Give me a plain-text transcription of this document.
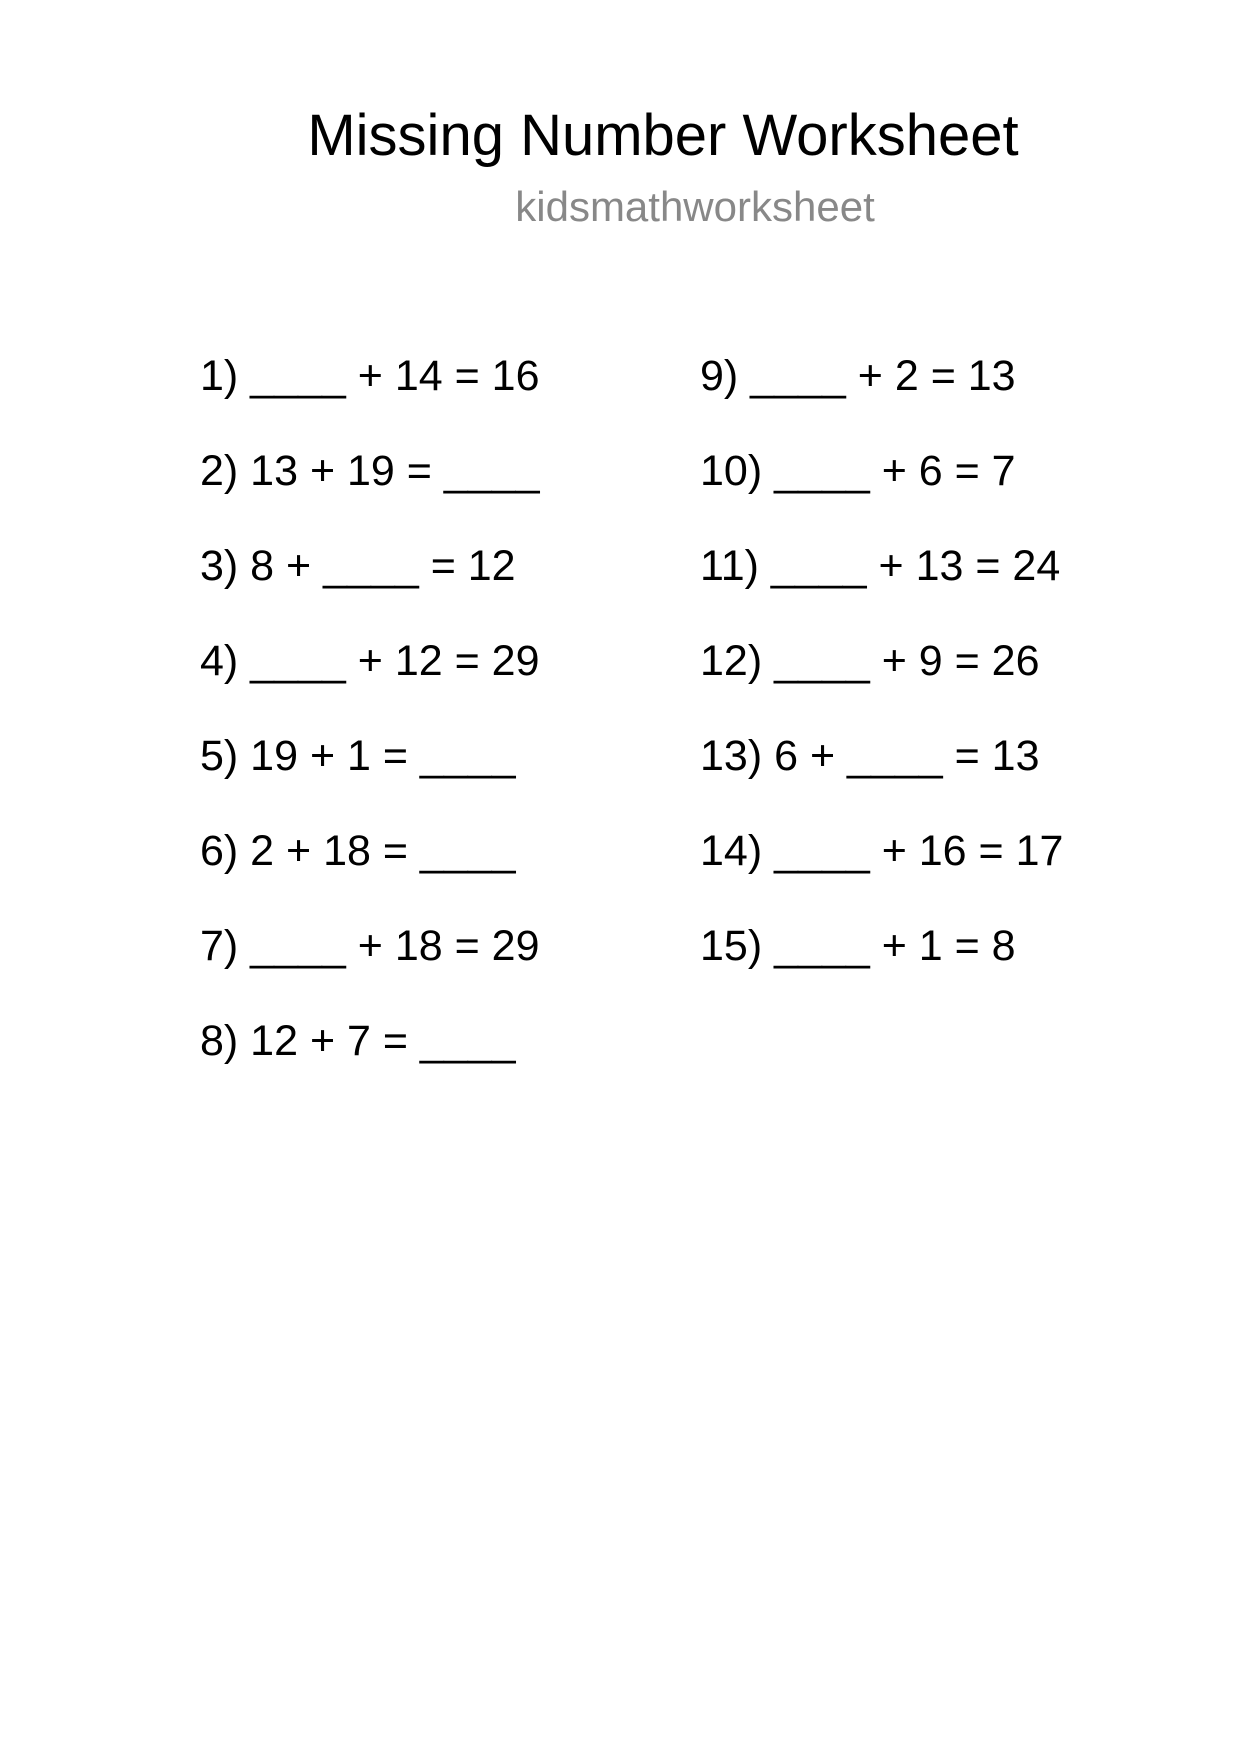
Missing Number Worksheet
kidsmathworksheet
1) ____ + 14 = 16
2) 13 + 19 = ____
3) 8 + ____ = 12
4) ____ + 12 = 29
5) 19 + 1 = ____
6) 2 + 18 = ____
7) ____ + 18 = 29
8) 12 + 7 = ____
9) ____ + 2 = 13
10) ____ + 6 = 7
11) ____ + 13 = 24
12) ____ + 9 = 26
13) 6 + ____ = 13
14) ____ + 16 = 17
15) ____ + 1 = 8
